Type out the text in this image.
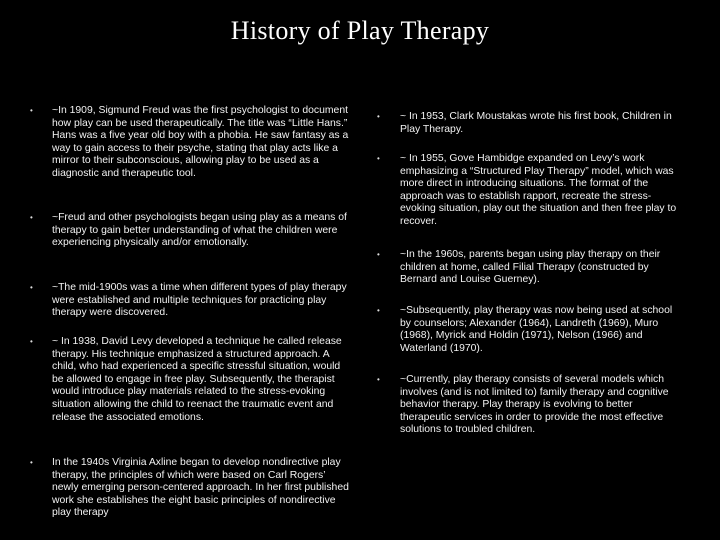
History of Play Therapy
• ~In 1909, Sigmund Freud was the first psychologist to document how play can be used therapeutically. The title was “Little Hans.” Hans was a five year old boy with a phobia. He saw fantasy as a way to gain access to their psyche, stating that play acts like a mirror to their subconscious, allowing play to be used as a diagnostic and therapeutic tool.
• ~Freud and other psychologists began using play as a means of therapy to gain better understanding of what the children were experiencing physically and/or emotionally.
• ~The mid-1900s was a time when different types of play therapy were established and multiple techniques for practicing play therapy were discovered.
• ~ In 1938, David Levy developed a technique he called release therapy. His technique emphasized a structured approach. A child, who had experienced a specific stressful situation, would be allowed to engage in free play. Subsequently, the therapist would introduce play materials related to the stress-evoking situation allowing the child to reenact the traumatic event and release the associated emotions.
• In the 1940s Virginia Axline began to develop nondirective play therapy, the principles of which were based on Carl Rogers’ newly emerging person-centered approach. In her first published work she establishes the eight basic principles of nondirective play therapy
• ~ In 1953, Clark Moustakas wrote his first book, Children in Play Therapy.
• ~ In 1955, Gove Hambidge expanded on Levy’s work emphasizing a “Structured Play Therapy” model, which was more direct in introducing situations. The format of the approach was to establish rapport, recreate the stress-evoking situation, play out the situation and then free play to recover.
• ~In the 1960s, parents began using play therapy on their children at home, called Filial Therapy (constructed by Bernard and Louise Guerney).
• ~Subsequently, play therapy was now being used at school by counselors; Alexander (1964), Landreth (1969), Muro (1968), Myrick and Holdin (1971), Nelson (1966) and Waterland (1970).
• ~Currently, play therapy consists of several models which involves (and is not limited to) family therapy and cognitive behavior therapy. Play therapy is evolving to better therapeutic services in order to provide the most effective solutions to troubled children.
